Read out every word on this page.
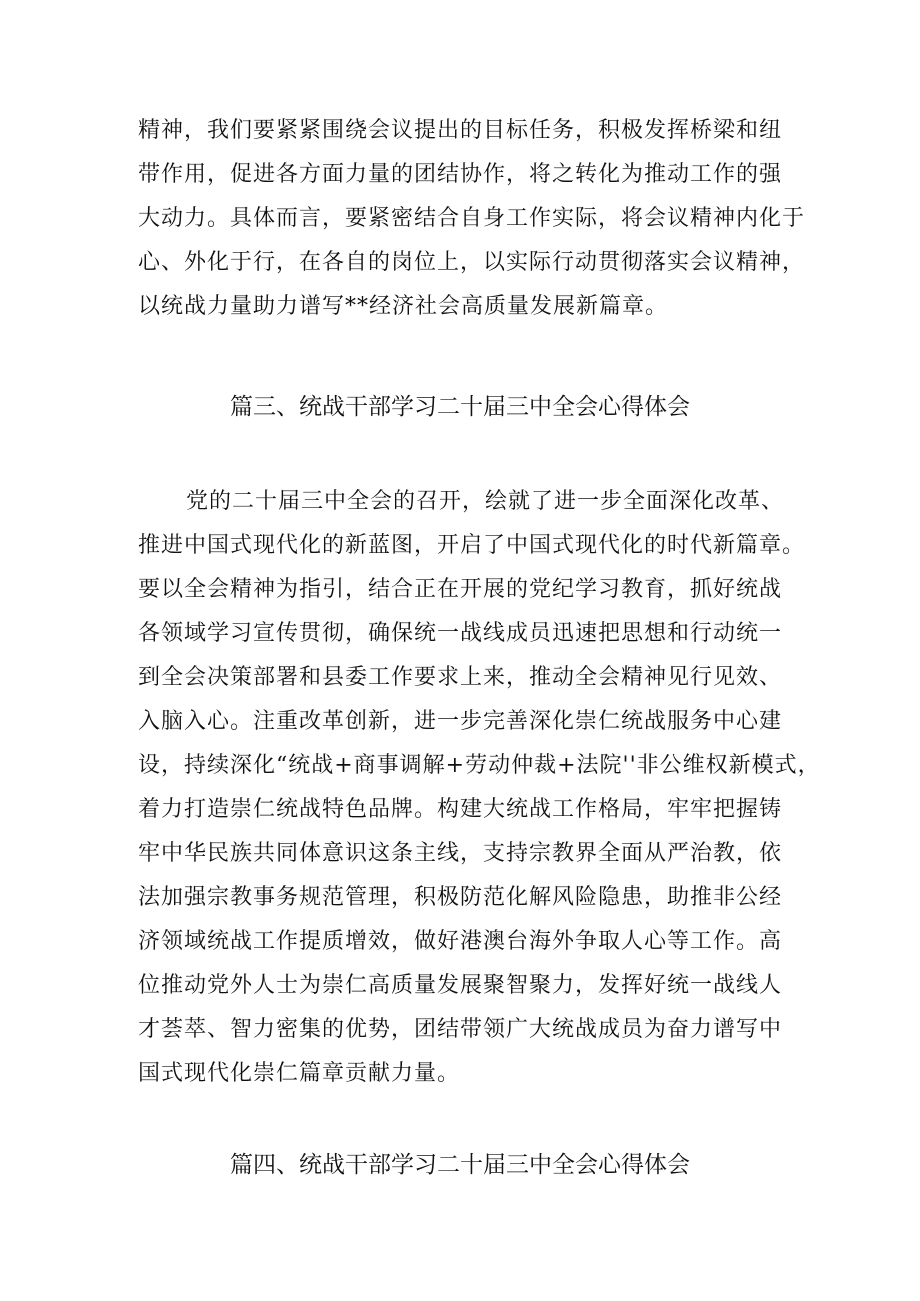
精神，我们要紧紧围绕会议提出的目标任务，积极发挥桥梁和纽
带作用，促进各方面力量的团结协作，将之转化为推动工作的强
大动力。具体而言，要紧密结合自身工作实际，将会议精神内化于
心、外化于行，在各自的岗位上，以实际行动贯彻落实会议精神，
以统战力量助力谱写**经济社会高质量发展新篇章。
篇三、统战干部学习二十届三中全会心得体会
党的二十届三中全会的召开，绘就了进一步全面深化改革、
推进中国式现代化的新蓝图，开启了中国式现代化的时代新篇章。
要以全会精神为指引，结合正在开展的党纪学习教育，抓好统战
各领域学习宣传贯彻，确保统一战线成员迅速把思想和行动统一
到全会决策部署和县委工作要求上来，推动全会精神见行见效、
入脑入心。注重改革创新，进一步完善深化崇仁统战服务中心建
设，持续深化“统战+商事调解+劳动仲裁+法院''非公维权新模式，
着力打造崇仁统战特色品牌。构建大统战工作格局，牢牢把握铸
牢中华民族共同体意识这条主线，支持宗教界全面从严治教，依
法加强宗教事务规范管理，积极防范化解风险隐患，助推非公经
济领域统战工作提质增效，做好港澳台海外争取人心等工作。高
位推动党外人士为崇仁高质量发展聚智聚力，发挥好统一战线人
才荟萃、智力密集的优势，团结带领广大统战成员为奋力谱写中
国式现代化崇仁篇章贡献力量。
篇四、统战干部学习二十届三中全会心得体会
